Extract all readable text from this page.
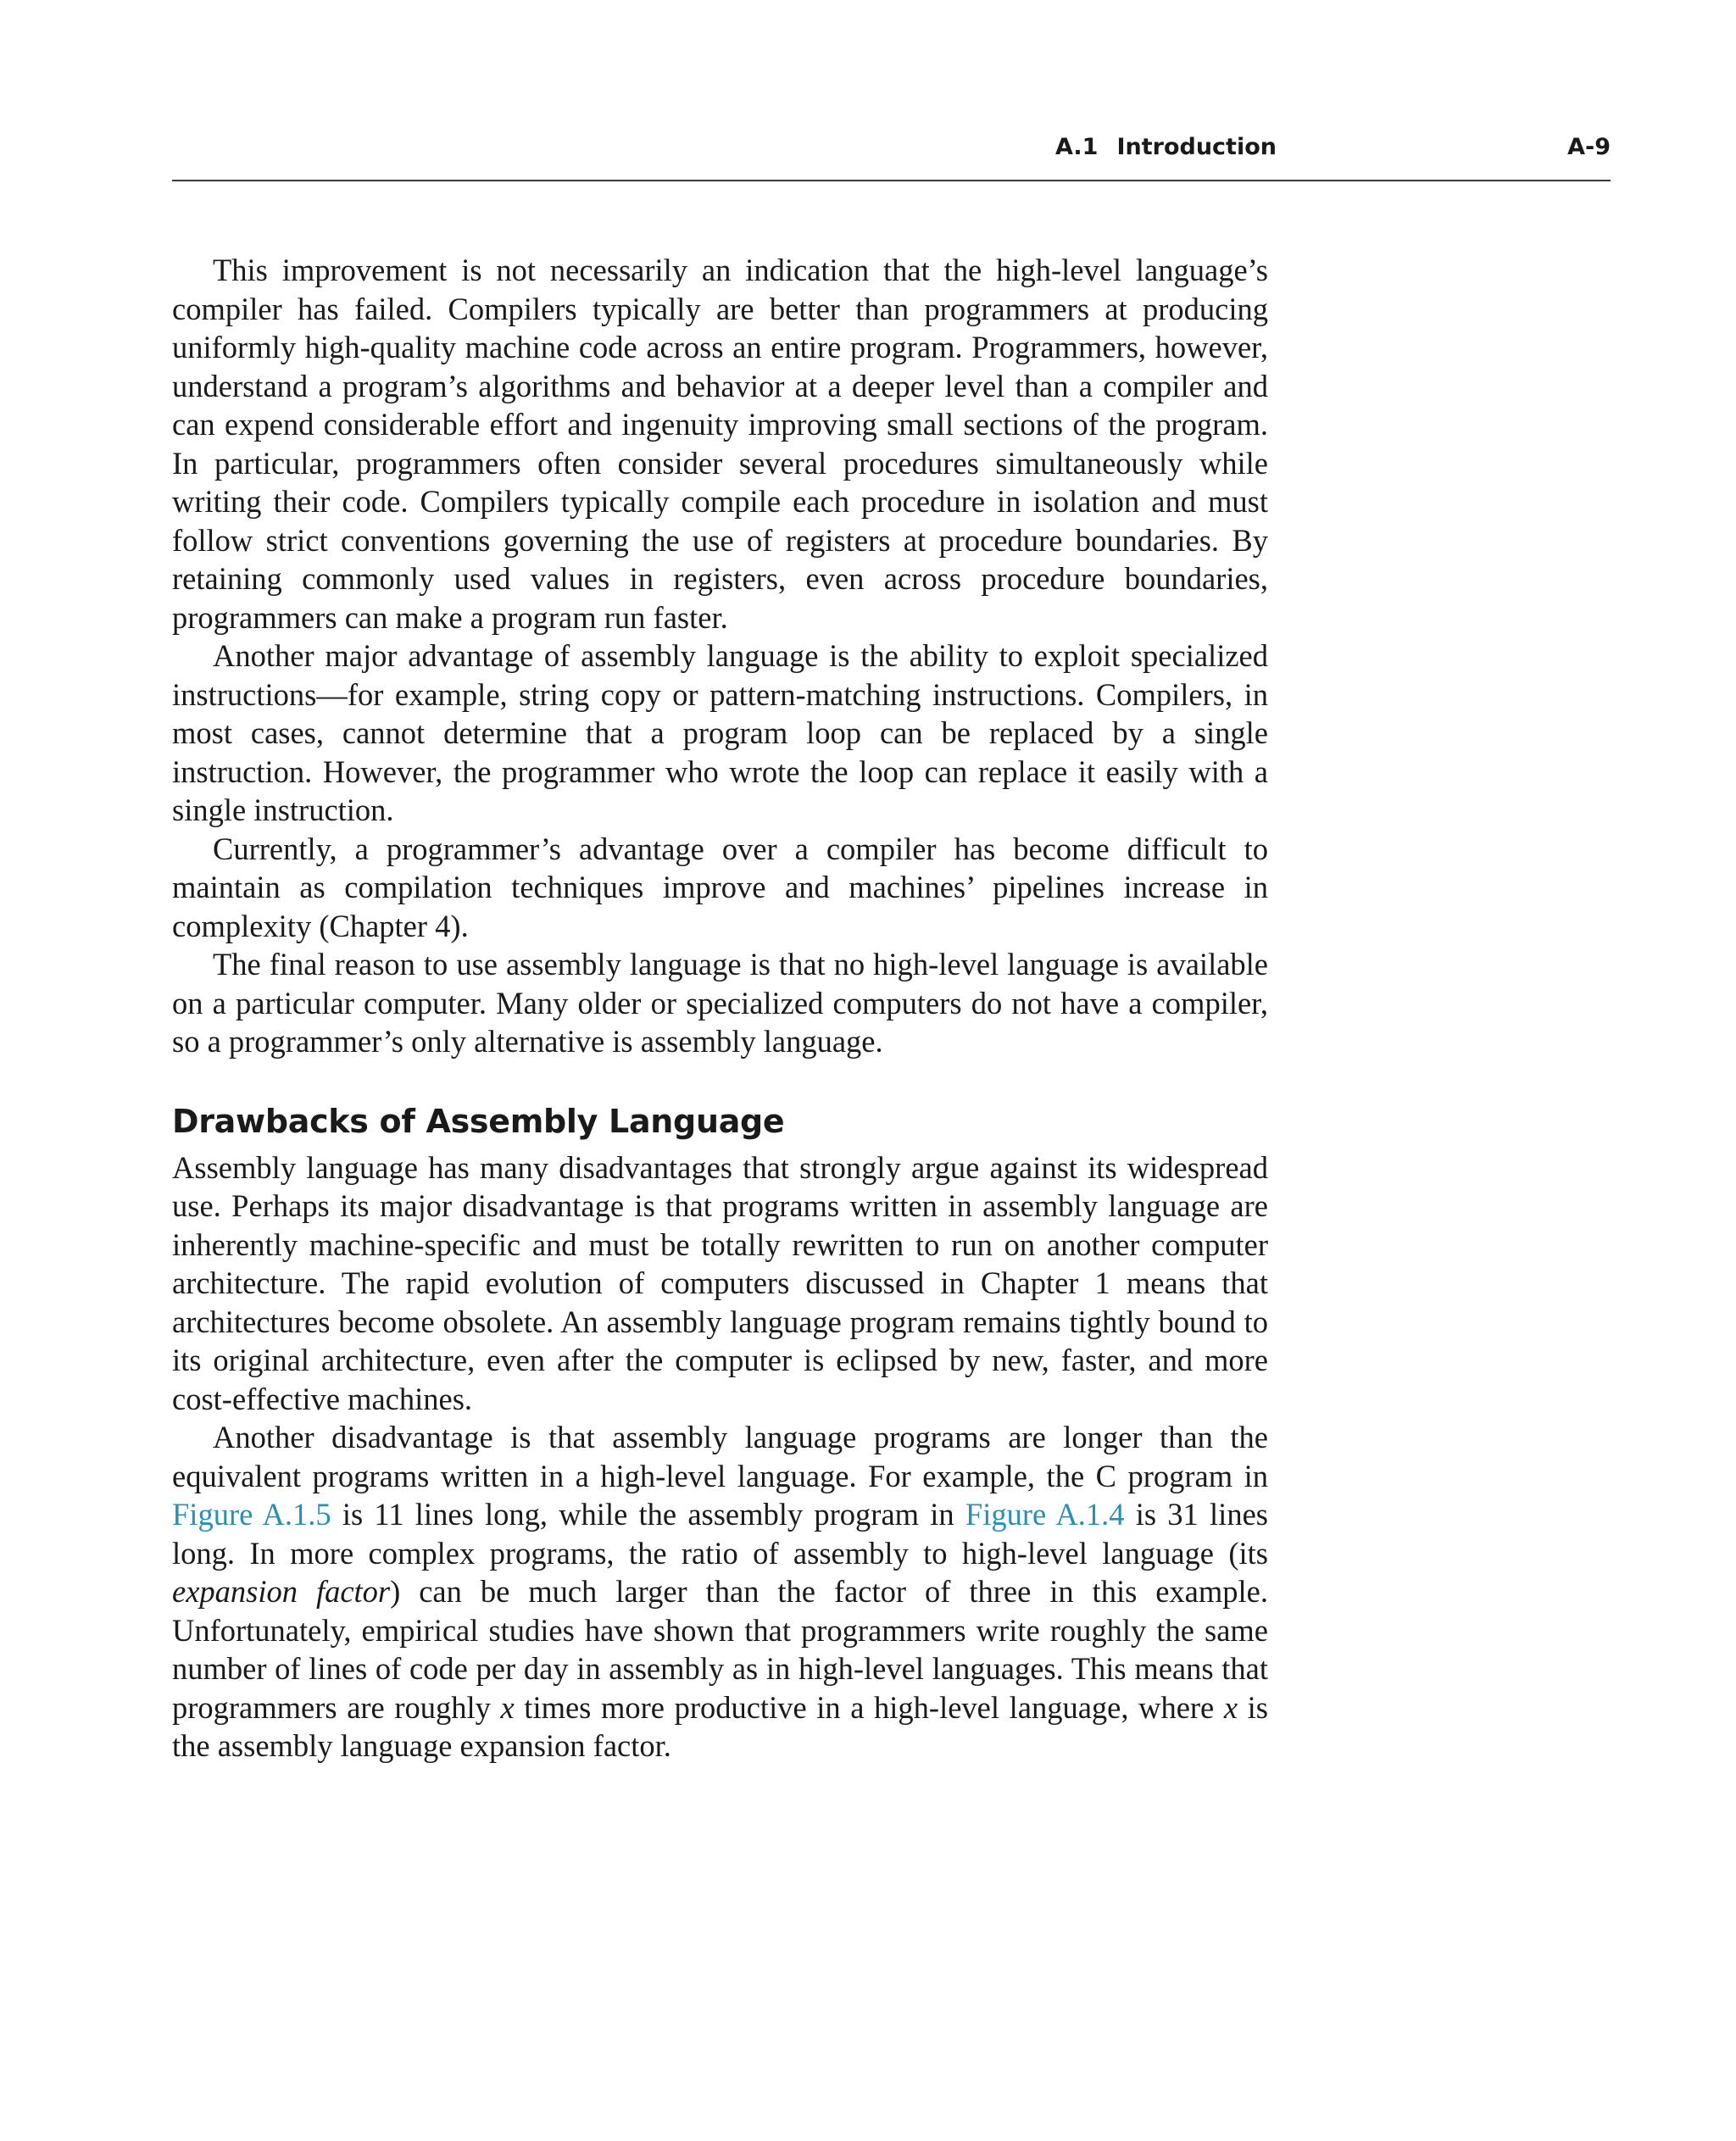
A.1 Introduction	A-9

This improvement is not necessarily an indication that the high-level language’s compiler has failed. Compilers typically are better than programmers at producing uniformly high-quality machine code across an entire program. Programmers, however, understand a program’s algorithms and behavior at a deeper level than a compiler and can expend considerable effort and ingenuity improving small sections of the program. In particular, programmers often consider several procedures simultaneously while writing their code. Compilers typically compile each procedure in isolation and must follow strict conventions governing the use of registers at procedure boundaries. By retaining commonly used values in registers, even across procedure boundaries, programmers can make a program run faster.

Another major advantage of assembly language is the ability to exploit specialized instructions—for example, string copy or pattern-matching instructions. Compilers, in most cases, cannot determine that a program loop can be replaced by a single instruction. However, the programmer who wrote the loop can replace it easily with a single instruction.

Currently, a programmer’s advantage over a compiler has become difficult to maintain as compilation techniques improve and machines’ pipelines increase in complexity (Chapter 4).

The final reason to use assembly language is that no high-level language is available on a particular computer. Many older or specialized computers do not have a compiler, so a programmer’s only alternative is assembly language.

Drawbacks of Assembly Language

Assembly language has many disadvantages that strongly argue against its widespread use. Perhaps its major disadvantage is that programs written in assembly language are inherently machine-specific and must be totally rewritten to run on another computer architecture. The rapid evolution of computers discussed in Chapter 1 means that architectures become obsolete. An assembly language program remains tightly bound to its original architecture, even after the computer is eclipsed by new, faster, and more cost-effective machines.

Another disadvantage is that assembly language programs are longer than the equivalent programs written in a high-level language. For example, the C program in Figure A.1.5 is 11 lines long, while the assembly program in Figure A.1.4 is 31 lines long. In more complex programs, the ratio of assembly to high-level language (its expansion factor) can be much larger than the factor of three in this example. Unfortunately, empirical studies have shown that programmers write roughly the same number of lines of code per day in assembly as in high-level languages. This means that programmers are roughly x times more productive in a high-level language, where x is the assembly language expansion factor.
